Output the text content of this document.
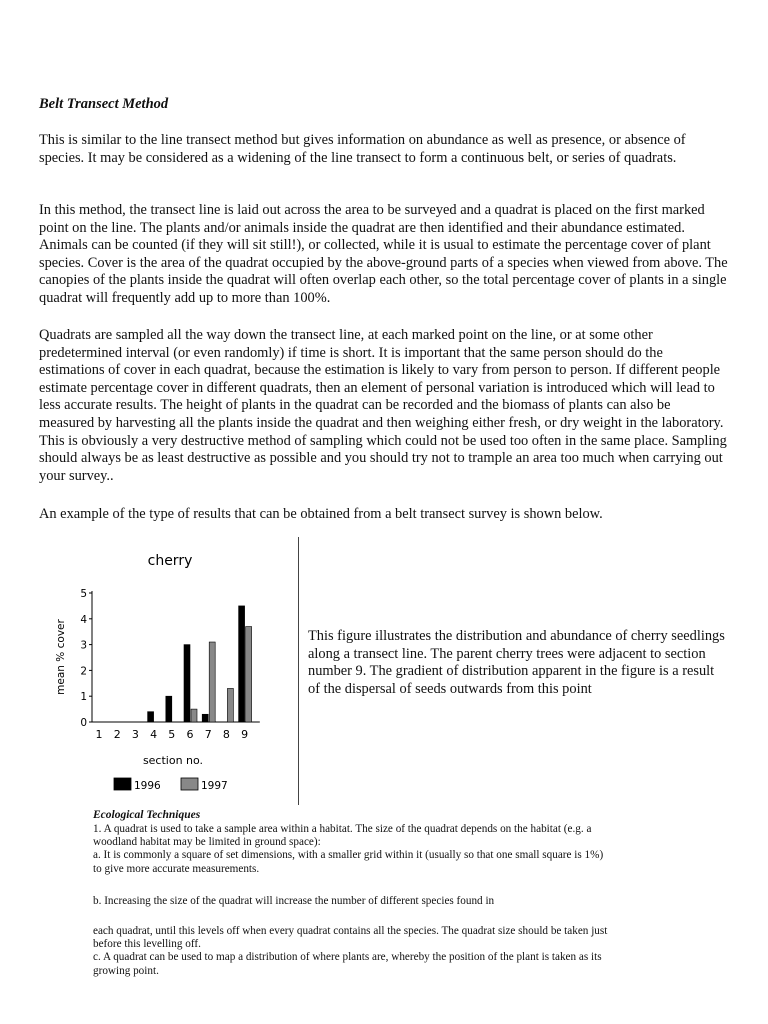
Belt Transect Method

This is similar to the line transect method but gives information on abundance as well as presence, or absence of species. It may be considered as a widening of the line transect to form a continuous belt, or series of quadrats.

In this method, the transect line is laid out across the area to be surveyed and a quadrat is placed on the first marked point on the line. The plants and/or animals inside the quadrat are then identified and their abundance estimated. Animals can be counted (if they will sit still!), or collected, while it is usual to estimate the percentage cover of plant species. Cover is the area of the quadrat occupied by the above-ground parts of a species when viewed from above. The canopies of the plants inside the quadrat will often overlap each other, so the total percentage cover of plants in a single quadrat will frequently add up to more than 100%.

Quadrats are sampled all the way down the transect line, at each marked point on the line, or at some other predetermined interval (or even randomly) if time is short. It is important that the same person should do the estimations of cover in each quadrat, because the estimation is likely to vary from person to person. If different people estimate percentage cover in different quadrats, then an element of personal variation is introduced which will lead to less accurate results. The height of plants in the quadrat can be recorded and the biomass of plants can also be measured by harvesting all the plants inside the quadrat and then weighing either fresh, or dry weight in the laboratory. This is obviously a very destructive method of sampling which could not be used too often in the same place. Sampling should always be as least destructive as possible and you should try not to trample an area too much when carrying out your survey..

An example of the type of results that can be obtained from a belt transect survey is shown below.

cherry
mean % cover
section no.
0
1
2
3
4
5
1 2 3 4 5 6 7 8 9
1996	1997

This figure illustrates the distribution and abundance of cherry seedlings along a transect line. The parent cherry trees were adjacent to section number 9. The gradient of distribution apparent in the figure is a result of the dispersal of seeds outwards from this point

Ecological Techniques

1. A quadrat is used to take a sample area within a habitat. The size of the quadrat depends on the habitat (e.g. a woodland habitat may be limited in ground space):
a. It is commonly a square of set dimensions, with a smaller grid within it (usually so that one small square is 1%) to give more accurate measurements.

b. Increasing the size of the quadrat will increase the number of different species found in

each quadrat, until this levels off when every quadrat contains all the species. The quadrat size should be taken just before this levelling off.
c. A quadrat can be used to map a distribution of where plants are, whereby the position of the plant is taken as its growing point.
